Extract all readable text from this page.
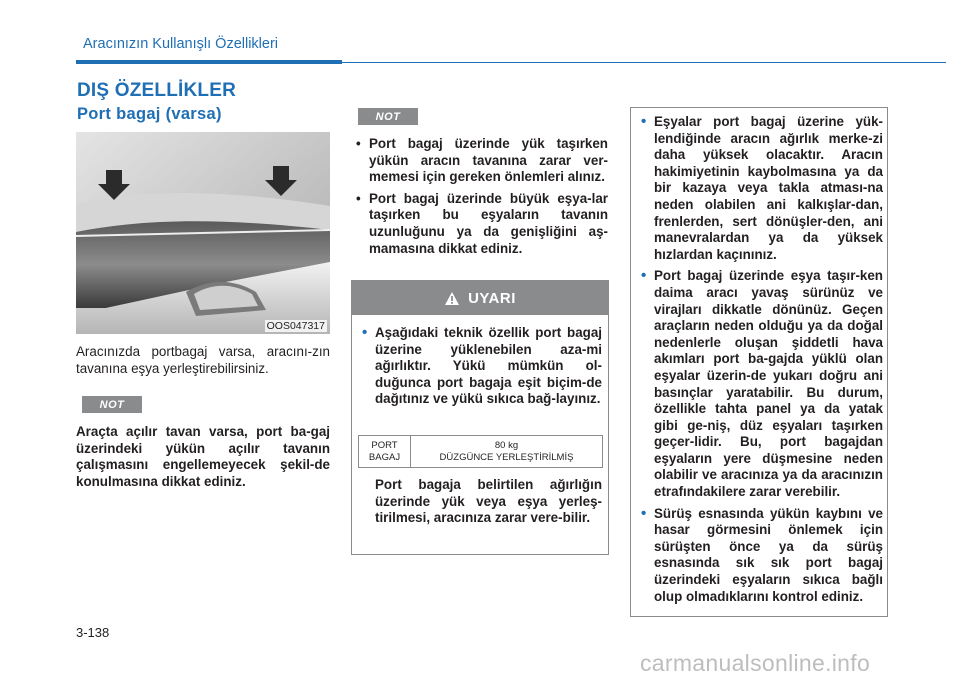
Aracınızın Kullanışlı Özellikleri
DIŞ ÖZELLİKLER
Port bagaj (varsa)
OOS047317
Aracınızda portbagaj varsa, aracını-zın tavanına eşya yerleştirebilirsiniz.
NOT
Araçta açılır tavan varsa, port ba-gaj üzerindeki yükün açılır tavanın çalışmasını engellemeyecek şekil-de konulmasına dikkat ediniz.
NOT
• Port bagaj üzerinde yük taşırken yükün aracın tavanına zarar ver-memesi için gereken önlemleri alınız.
• Port bagaj üzerinde büyük eşya-lar taşırken bu eşyaların tavanın uzunluğunu ya da genişliğini aş-mamasına dikkat ediniz.
UYARI
• Aşağıdaki teknik özellik port bagaj üzerine yüklenebilen aza-mi ağırlıktır. Yükü mümkün ol-duğunca port bagaja eşit biçim-de dağıtınız ve yükü sıkıca bağ-layınız.
PORT
BAGAJ
80 kg
DÜZGÜNCE YERLEŞTİRİLMİŞ
Port bagaja belirtilen ağırlığın üzerinde yük veya eşya yerleş-tirilmesi, aracınıza zarar vere-bilir.
• Eşyalar port bagaj üzerine yük-lendiğinde aracın ağırlık merke-zi daha yüksek olacaktır. Aracın hakimiyetinin kaybolmasına ya da bir kazaya veya takla atması-na neden olabilen ani kalkışlar-dan, frenlerden, sert dönüşler-den, ani manevralardan ya da yüksek hızlardan kaçınınız.
• Port bagaj üzerinde eşya taşır-ken daima aracı yavaş sürünüz ve virajları dikkatle dönünüz. Geçen araçların neden olduğu ya da doğal nedenlerle oluşan şiddetli hava akımları port ba-gajda yüklü olan eşyalar üzerin-de yukarı doğru ani basınçlar yaratabilir. Bu durum, özellikle tahta panel ya da yatak gibi ge-niş, düz eşyaları taşırken geçer-lidir. Bu, port bagajdan eşyaların yere düşmesine neden olabilir ve aracınıza ya da aracınızın etrafındakilere zarar verebilir.
• Sürüş esnasında yükün kaybını ve hasar görmesini önlemek için sürüşten önce ya da sürüş esnasında sık sık port bagaj üzerindeki eşyaların sıkıca bağlı olup olmadıklarını kontrol ediniz.
3-138
carmanualsonline.info
